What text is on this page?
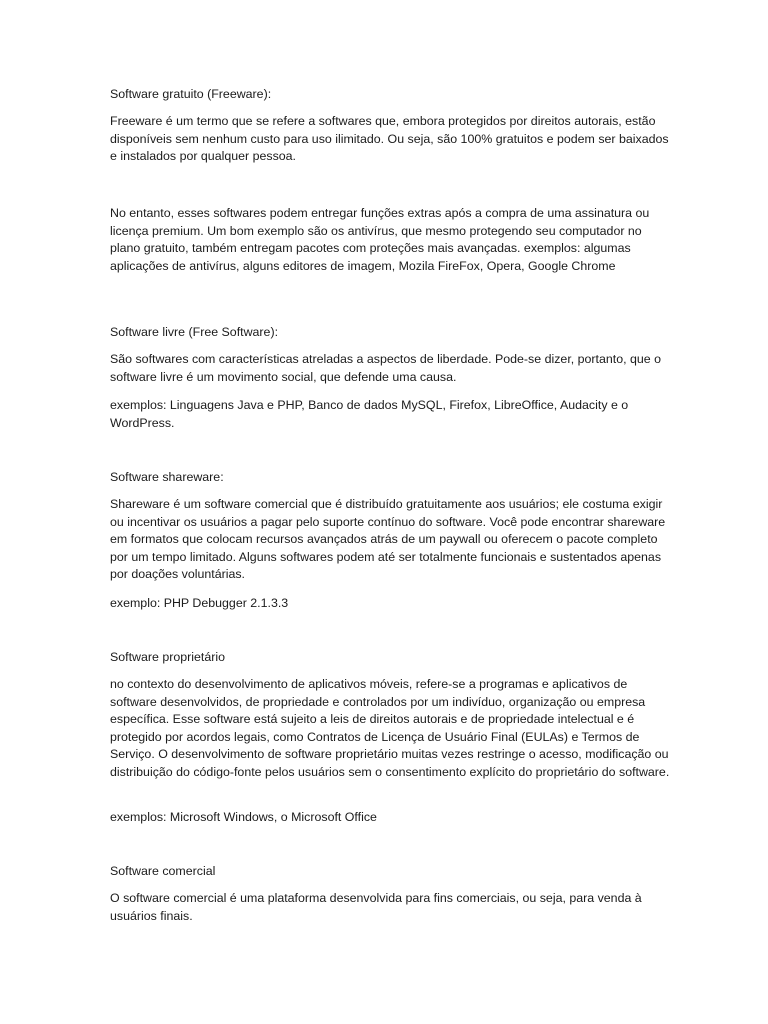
Software gratuito (Freeware):

Freeware é um termo que se refere a softwares que, embora protegidos por direitos autorais, estão disponíveis sem nenhum custo para uso ilimitado. Ou seja, são 100% gratuitos e podem ser baixados e instalados por qualquer pessoa.

No entanto, esses softwares podem entregar funções extras após a compra de uma assinatura ou licença premium. Um bom exemplo são os antivírus, que mesmo protegendo seu computador no plano gratuito, também entregam pacotes com proteções mais avançadas. exemplos: algumas aplicações de antivírus, alguns editores de imagem, Mozila FireFox, Opera, Google Chrome

Software livre (Free Software):

São softwares com características atreladas a aspectos de liberdade. Pode-se dizer, portanto, que o software livre é um movimento social, que defende uma causa.

exemplos: Linguagens Java e PHP, Banco de dados MySQL, Firefox, LibreOffice, Audacity e o WordPress.

Software shareware:

Shareware é um software comercial que é distribuído gratuitamente aos usuários; ele costuma exigir ou incentivar os usuários a pagar pelo suporte contínuo do software. Você pode encontrar shareware em formatos que colocam recursos avançados atrás de um paywall ou oferecem o pacote completo por um tempo limitado. Alguns softwares podem até ser totalmente funcionais e sustentados apenas por doações voluntárias.

exemplo: PHP Debugger 2.1.3.3

Software proprietário

no contexto do desenvolvimento de aplicativos móveis, refere-se a programas e aplicativos de software desenvolvidos, de propriedade e controlados por um indivíduo, organização ou empresa específica. Esse software está sujeito a leis de direitos autorais e de propriedade intelectual e é protegido por acordos legais, como Contratos de Licença de Usuário Final (EULAs) e Termos de Serviço. O desenvolvimento de software proprietário muitas vezes restringe o acesso, modificação ou distribuição do código-fonte pelos usuários sem o consentimento explícito do proprietário do software.

exemplos: Microsoft Windows, o Microsoft Office

Software comercial

O software comercial é uma plataforma desenvolvida para fins comerciais, ou seja, para venda à usuários finais.
